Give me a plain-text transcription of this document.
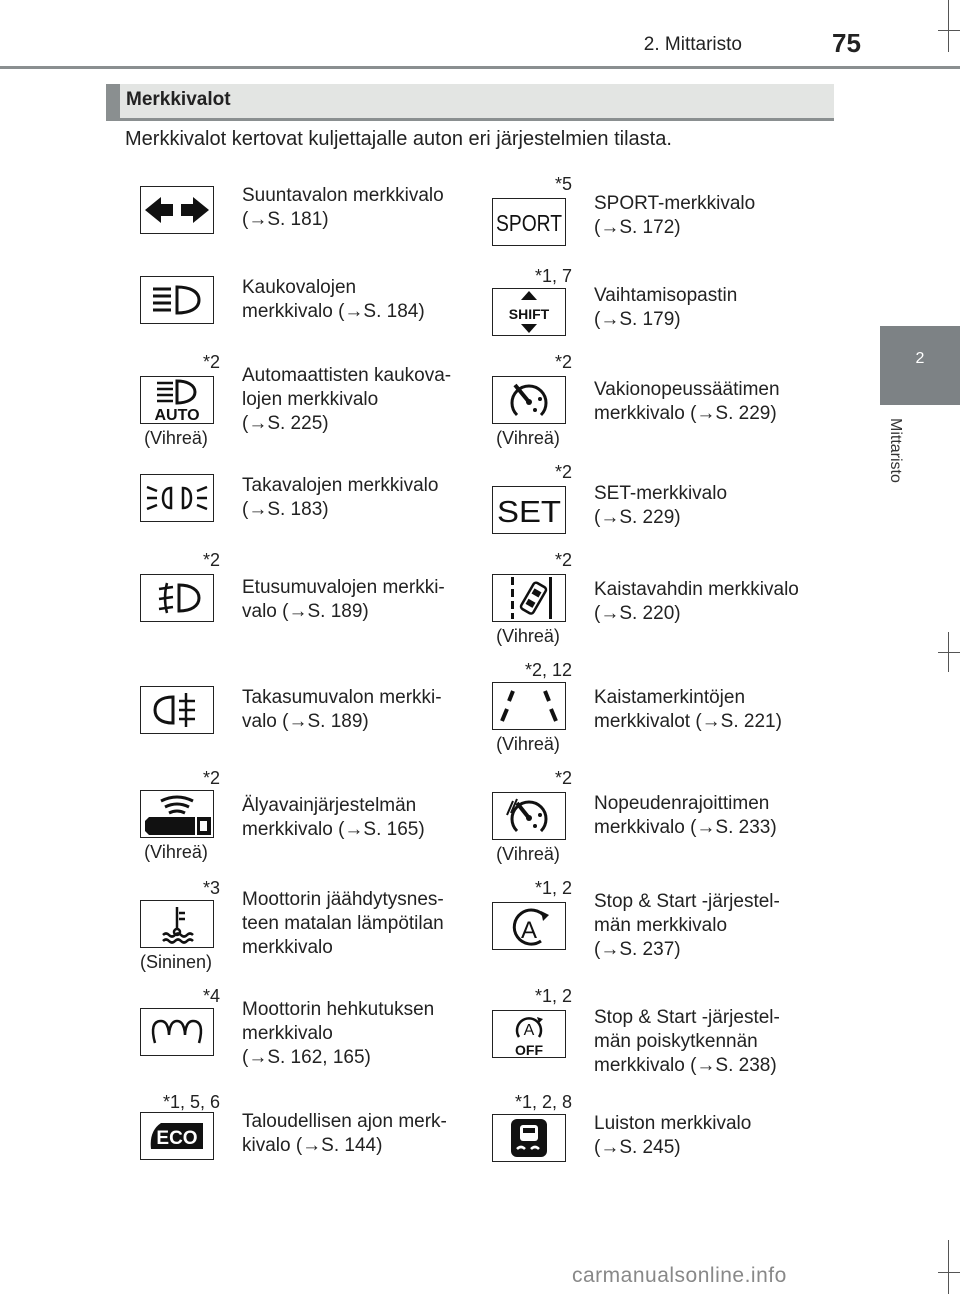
2. Mittaristo	75
2
Mittaristo
Merkkivalot
Merkkivalot kertovat kuljettajalle auton eri järjestelmien tilasta.
Suuntavalon merkkivalo
(→S. 181)
Kaukovalojen
merkkivalo (→S. 184)
*2
AUTO
(Vihreä)
Automaattisten kaukova-
lojen merkkivalo
(→S. 225)
Takavalojen merkkivalo
(→S. 183)
*2
Etusumuvalojen merkki-
valo (→S. 189)
Takasumuvalon merkki-
valo (→S. 189)
*2
(Vihreä)
Älyavainjärjestelmän
merkkivalo (→S. 165)
*3
(Sininen)
Moottorin jäähdytysnes-
teen matalan lämpötilan
merkkivalo
*4
Moottorin hehkutuksen
merkkivalo
(→S. 162, 165)
*1, 5, 6
ECO
Taloudellisen ajon merk-
kivalo (→S. 144)
*5
SPORT
SPORT-merkkivalo
(→S. 172)
*1, 7
SHIFT
Vaihtamisopastin
(→S. 179)
*2
(Vihreä)
Vakionopeussäätimen
merkkivalo (→S. 229)
*2
SET
SET-merkkivalo
(→S. 229)
*2
(Vihreä)
Kaistavahdin merkkivalo
(→S. 220)
*2, 12
(Vihreä)
Kaistamerkintöjen
merkkivalot (→S. 221)
*2
(Vihreä)
Nopeudenrajoittimen
merkkivalo (→S. 233)
*1, 2
A
Stop & Start -järjestel-
män merkkivalo
(→S. 237)
*1, 2
A
OFF
Stop & Start -järjestel-
män poiskytkennän
merkkivalo (→S. 238)
*1, 2, 8
Luiston merkkivalo
(→S. 245)
carmanualsonline.info
